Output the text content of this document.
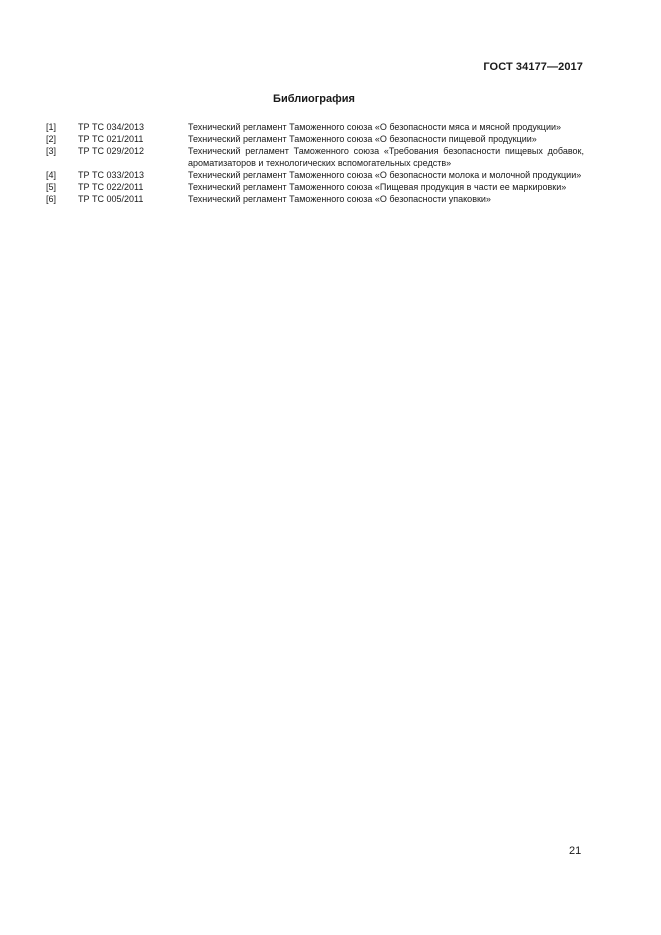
ГОСТ 34177—2017
Библиография
[1]	ТР ТС 034/2013	Технический регламент Таможенного союза «О безопасности мяса и мясной продукции»
[2]	ТР ТС 021/2011	Технический регламент Таможенного союза «О безопасности пищевой продукции»
[3]	ТР ТС 029/2012	Технический регламент Таможенного союза «Требования безопасности пищевых добавок, ароматизаторов и технологических вспомогательных средств»
[4]	ТР ТС 033/2013	Технический регламент Таможенного союза «О безопасности молока и молочной продукции»
[5]	ТР ТС 022/2011	Технический регламент Таможенного союза «Пищевая продукция в части ее маркировки»
[6]	ТР ТС 005/2011	Технический регламент Таможенного союза «О безопасности упаковки»
21
